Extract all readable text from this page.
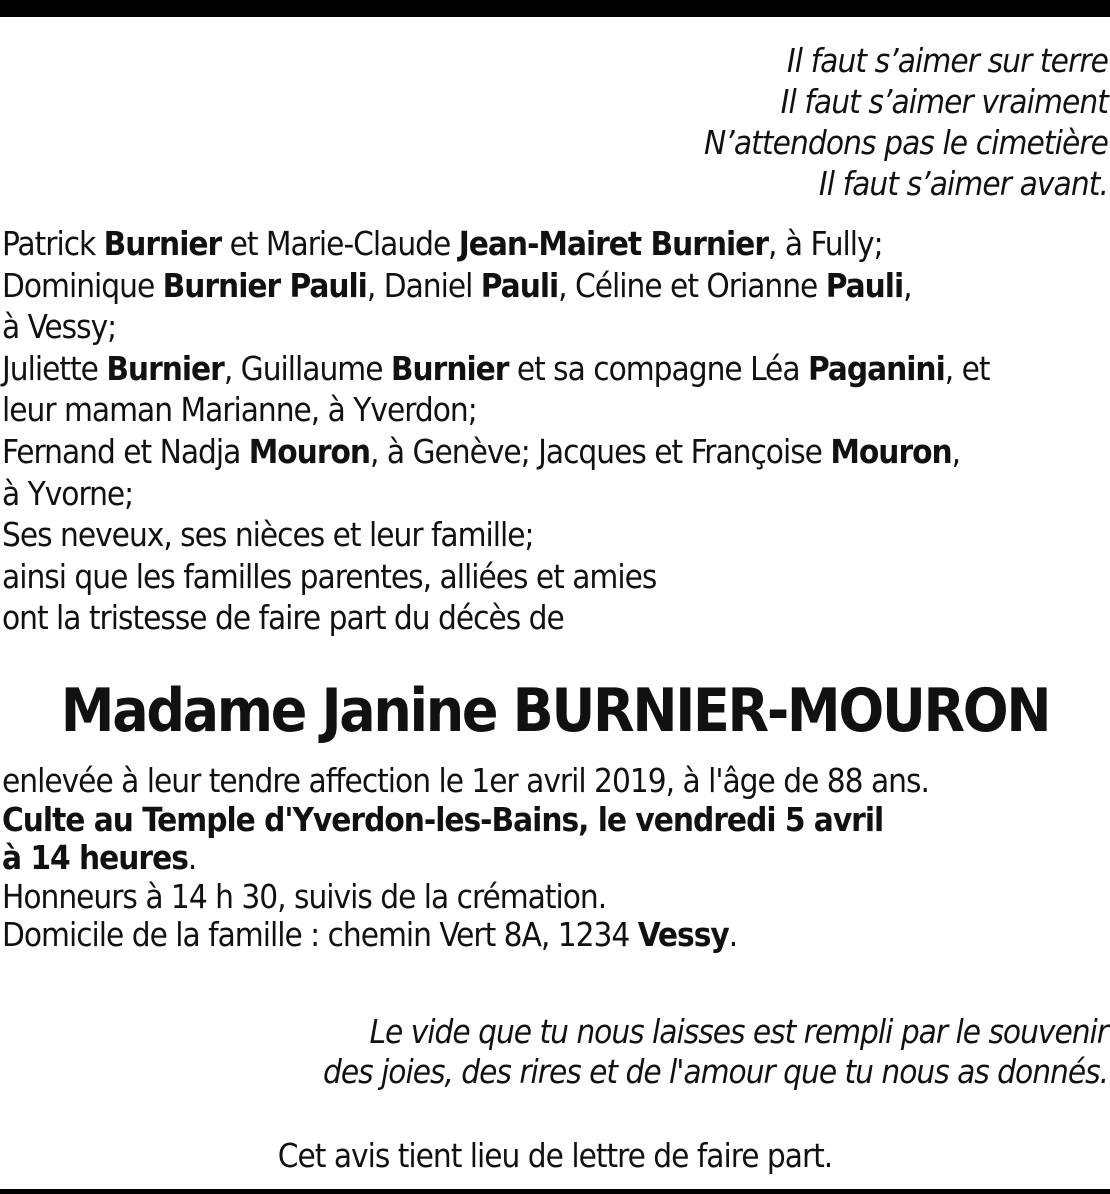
Il faut s’aimer sur terre
Il faut s’aimer vraiment
N’attendons pas le cimetière
Il faut s’aimer avant.
Patrick Burnier et Marie-Claude Jean-Mairet Burnier, à Fully;
Dominique Burnier Pauli, Daniel Pauli, Céline et Orianne Pauli,
à Vessy;
Juliette Burnier, Guillaume Burnier et sa compagne Léa Paganini, et
leur maman Marianne, à Yverdon;
Fernand et Nadja Mouron, à Genève; Jacques et Françoise Mouron,
à Yvorne;
Ses neveux, ses nièces et leur famille;
ainsi que les familles parentes, alliées et amies
ont la tristesse de faire part du décès de
Madame Janine BURNIER-MOURON
enlevée à leur tendre affection le 1er avril 2019, à l'âge de 88 ans.
Culte au Temple d'Yverdon-les-Bains, le vendredi 5 avril
à 14 heures.
Honneurs à 14 h 30, suivis de la crémation.
Domicile de la famille : chemin Vert 8A, 1234 Vessy.
Le vide que tu nous laisses est rempli par le souvenir
des joies, des rires et de l'amour que tu nous as donnés.
Cet avis tient lieu de lettre de faire part.
